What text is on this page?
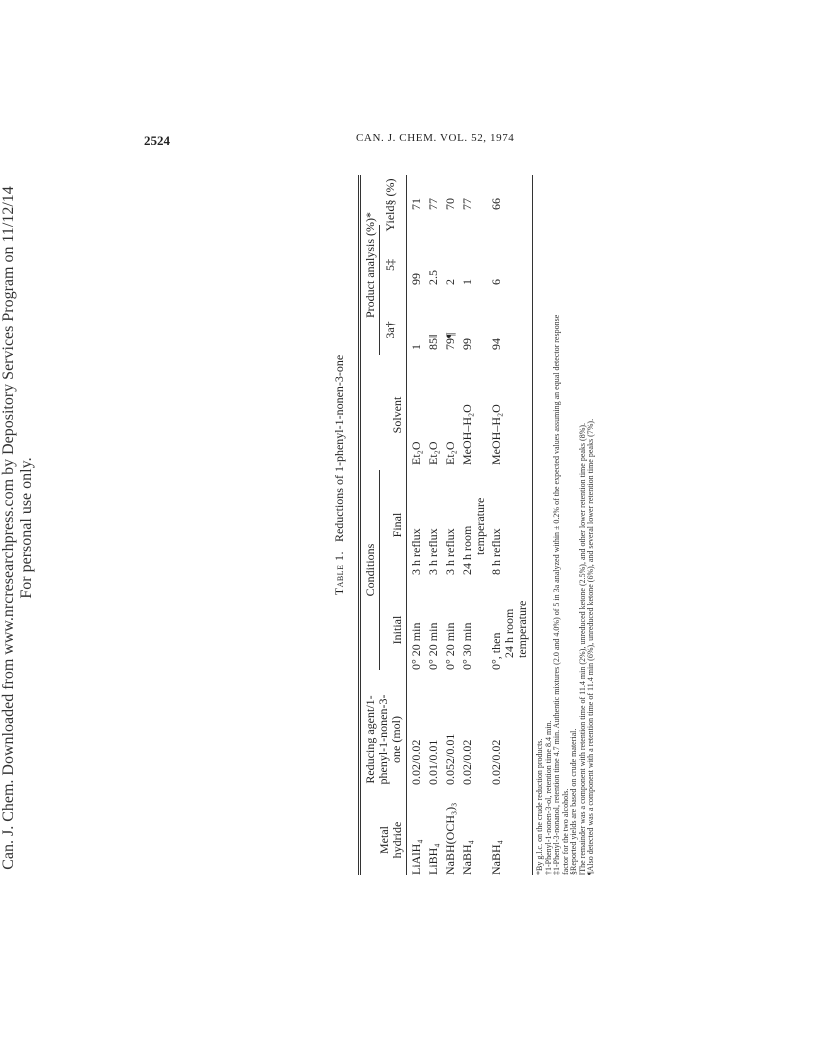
Can. J. Chem. Downloaded from www.nrcresearchpress.com by Depository Services Program on 11/12/14 For personal use only.
2524	CAN. J. CHEM. VOL. 52, 1974
Table 1.   Reductions of 1-phenyl-1-nonen-3-one
Metal hydride
Reducing agent/1- phenyl-1-nonen-3- one (mol)
Conditions
Initial
Final
Solvent
Product analysis (%)*
3a†
5‡
Yield§ (%)
LiAlH₄
0.02/0.02
0° 20 min
3 h reflux
Et₂O
1
99
71
LiBH₄
0.01/0.01
0° 20 min
3 h reflux
Et₂O
85‖
2.5
77
NaBH(OCH₃)₃
0.052/0.01
0° 20 min
3 h reflux
Et₂O
79¶
2
70
NaBH₄
0.02/0.02
0° 30 min
24 h room temperature
MeOH–H₂O
99
1
77
NaBH₄
0.02/0.02
0°, then 24 h room temperature
8 h reflux
MeOH–H₂O
94
6
66
*By g.l.c. on the crude reduction products. †1-Phenyl-1-nonen-3-ol, retention time 8.4 min. ‡1-Phenyl-3-nonanol, retention time 4.7 min. Authentic mixtures (2.0 and 4.0%) of 5 in 3a analyzed within ± 0.2% of the expected values assuming an equal detector response factor for the two alcohols. §Reported yields are based on crude material. ‖The remainder was a component with retention time of 11.4 min (2%), unreduced ketone (2.5%), and other lower retention time peaks (8%). ¶Also detected was a component with a retention time of 11.4 min (6%), unreduced ketone (6%), and several lower retention time peaks (7%).
